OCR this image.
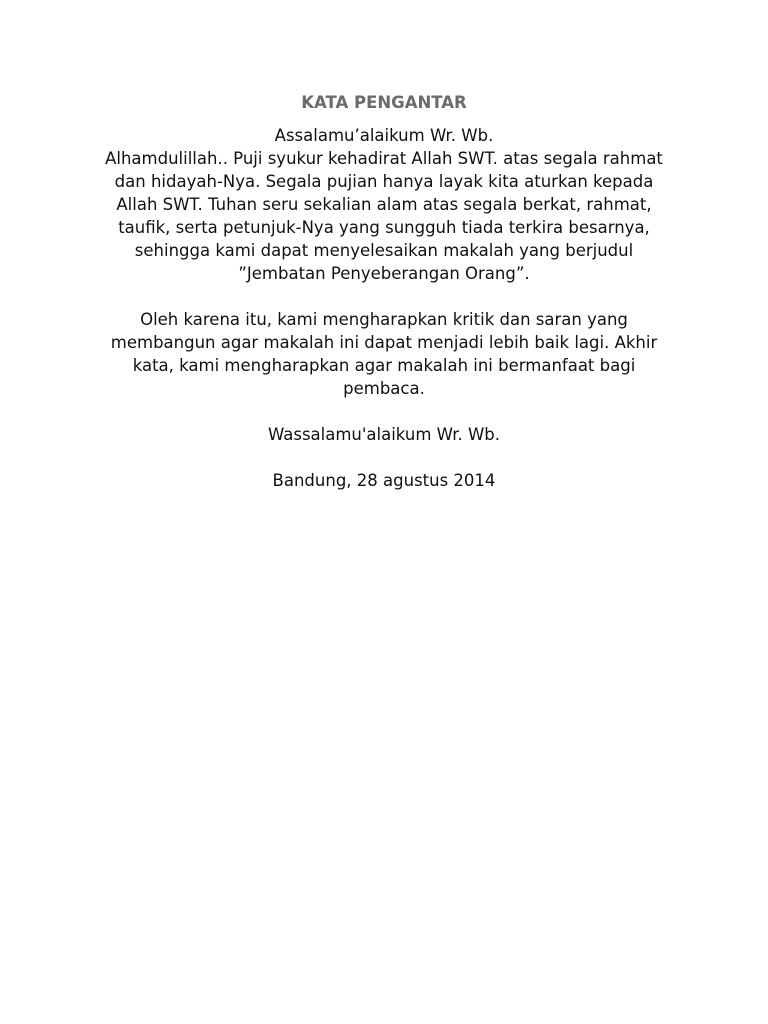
KATA PENGANTAR
Assalamu’alaikum Wr. Wb.
Alhamdulillah.. Puji syukur kehadirat Allah SWT. atas segala rahmat
dan hidayah-Nya. Segala pujian hanya layak kita aturkan kepada
Allah SWT. Tuhan seru sekalian alam atas segala berkat, rahmat,
taufik, serta petunjuk-Nya yang sungguh tiada terkira besarnya,
sehingga kami dapat menyelesaikan makalah yang berjudul
”Jembatan Penyeberangan Orang”.
Oleh karena itu, kami mengharapkan kritik dan saran yang
membangun agar makalah ini dapat menjadi lebih baik lagi. Akhir
kata, kami mengharapkan agar makalah ini bermanfaat bagi
pembaca.
Wassalamu'alaikum Wr. Wb.
Bandung, 28 agustus 2014
